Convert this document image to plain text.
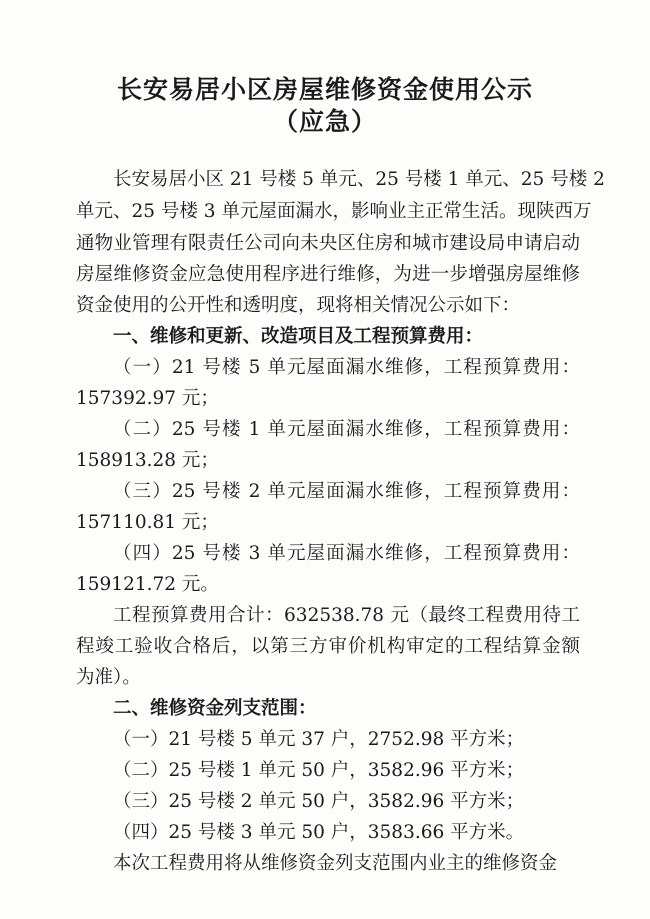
长安易居小区房屋维修资金使用公示
（应急）
长安易居小区 21 号楼 5 单元、25 号楼 1 单元、25 号楼 2
单元、25 号楼 3 单元屋面漏水，影响业主正常生活。现陕西万
通物业管理有限责任公司向未央区住房和城市建设局申请启动
房屋维修资金应急使用程序进行维修，为进一步增强房屋维修
资金使用的公开性和透明度，现将相关情况公示如下：
一、维修和更新、改造项目及工程预算费用：
（一）21 号楼 5 单元屋面漏水维修，工程预算费用：
157392.97 元；
（二）25 号楼 1 单元屋面漏水维修，工程预算费用：
158913.28 元；
（三）25 号楼 2 单元屋面漏水维修，工程预算费用：
157110.81 元；
（四）25 号楼 3 单元屋面漏水维修，工程预算费用：
159121.72 元。
工程预算费用合计：632538.78 元（最终工程费用待工
程竣工验收合格后，以第三方审价机构审定的工程结算金额
为准）。
二、维修资金列支范围：
（一）21 号楼 5 单元 37 户，2752.98 平方米；
（二）25 号楼 1 单元 50 户，3582.96 平方米；
（三）25 号楼 2 单元 50 户，3582.96 平方米；
（四）25 号楼 3 单元 50 户，3583.66 平方米。
本次工程费用将从维修资金列支范围内业主的维修资金
